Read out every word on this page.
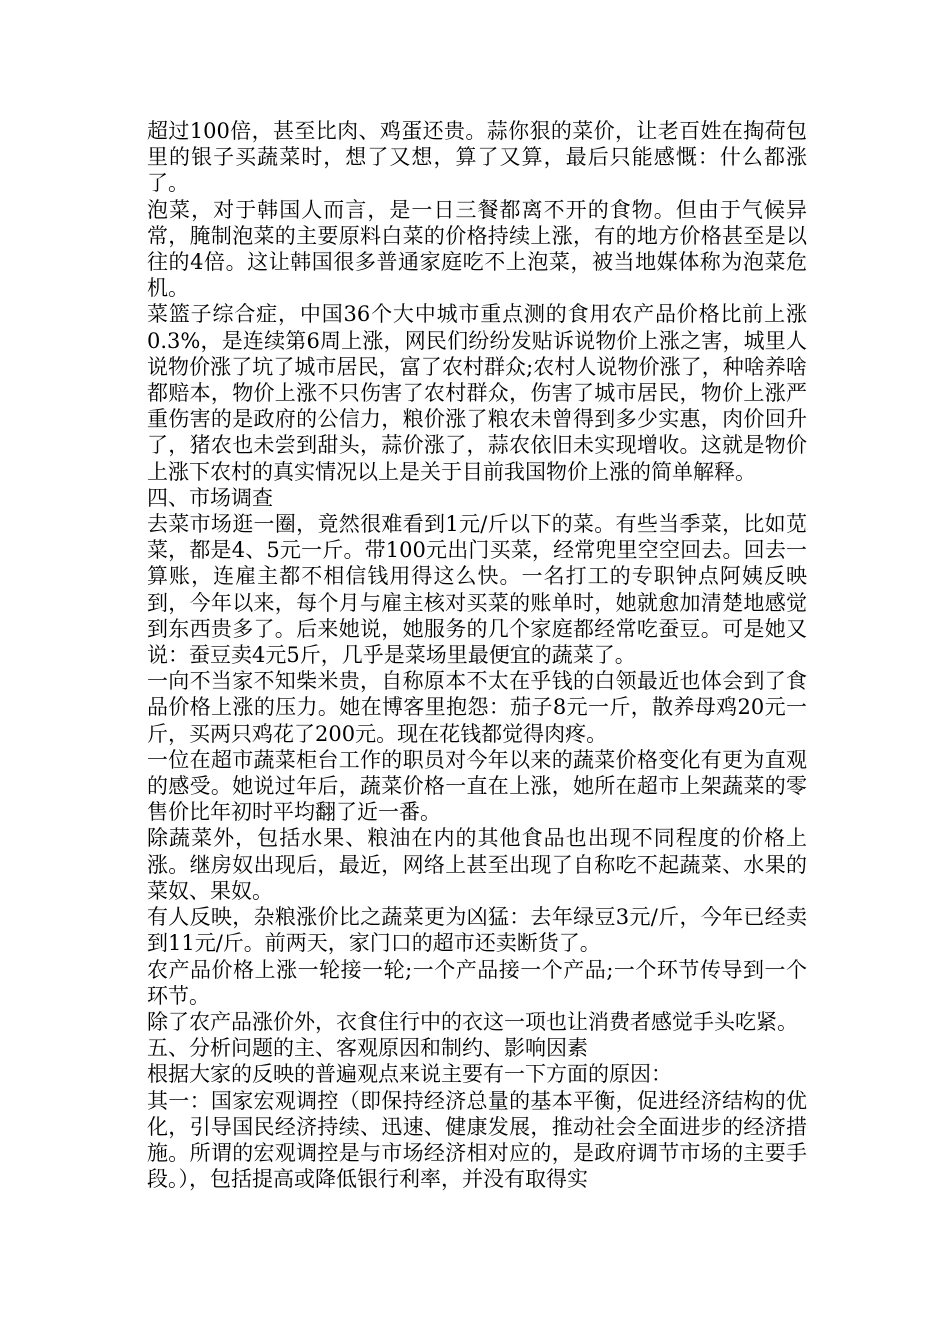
超过100倍，甚至比肉、鸡蛋还贵。蒜你狠的菜价，让老百姓在掏荷包里的银子买蔬菜时，想了又想，算了又算，最后只能感慨：什么都涨了。

泡菜，对于韩国人而言，是一日三餐都离不开的食物。但由于气候异常，腌制泡菜的主要原料白菜的价格持续上涨，有的地方价格甚至是以往的4倍。这让韩国很多普通家庭吃不上泡菜，被当地媒体称为泡菜危机。

菜篮子综合症，中国36个大中城市重点测的食用农产品价格比前上涨0.3%，是连续第6周上涨，网民们纷纷发贴诉说物价上涨之害，城里人说物价涨了坑了城市居民，富了农村群众;农村人说物价涨了，种啥养啥都赔本，物价上涨不只伤害了农村群众，伤害了城市居民，物价上涨严重伤害的是政府的公信力，粮价涨了粮农未曾得到多少实惠，肉价回升了，猪农也未尝到甜头，蒜价涨了，蒜农依旧未实现增收。这就是物价上涨下农村的真实情况以上是关于目前我国物价上涨的简单解释。

四、市场调查

去菜市场逛一圈，竟然很难看到1元/斤以下的菜。有些当季菜，比如苋菜，都是4、5元一斤。带100元出门买菜，经常兜里空空回去。回去一算账，连雇主都不相信钱用得这么快。一名打工的专职钟点阿姨反映到，今年以来，每个月与雇主核对买菜的账单时，她就愈加清楚地感觉到东西贵多了。后来她说，她服务的几个家庭都经常吃蚕豆。可是她又说：蚕豆卖4元5斤，几乎是菜场里最便宜的蔬菜了。

一向不当家不知柴米贵，自称原本不太在乎钱的白领最近也体会到了食品价格上涨的压力。她在博客里抱怨：茄子8元一斤，散养母鸡20元一斤，买两只鸡花了200元。现在花钱都觉得肉疼。

一位在超市蔬菜柜台工作的职员对今年以来的蔬菜价格变化有更为直观的感受。她说过年后，蔬菜价格一直在上涨，她所在超市上架蔬菜的零售价比年初时平均翻了近一番。

除蔬菜外，包括水果、粮油在内的其他食品也出现不同程度的价格上涨。继房奴出现后，最近，网络上甚至出现了自称吃不起蔬菜、水果的菜奴、果奴。

有人反映，杂粮涨价比之蔬菜更为凶猛：去年绿豆3元/斤，今年已经卖到11元/斤。前两天，家门口的超市还卖断货了。

农产品价格上涨一轮接一轮;一个产品接一个产品;一个环节传导到一个环节。

除了农产品涨价外，衣食住行中的衣这一项也让消费者感觉手头吃紧。

五、分析问题的主、客观原因和制约、影响因素

根据大家的反映的普遍观点来说主要有一下方面的原因：

其一：国家宏观调控（即保持经济总量的基本平衡，促进经济结构的优化，引导国民经济持续、迅速、健康发展，推动社会全面进步的经济措施。所谓的宏观调控是与市场经济相对应的，是政府调节市场的主要手段。），包括提高或降低银行利率，并没有取得实
